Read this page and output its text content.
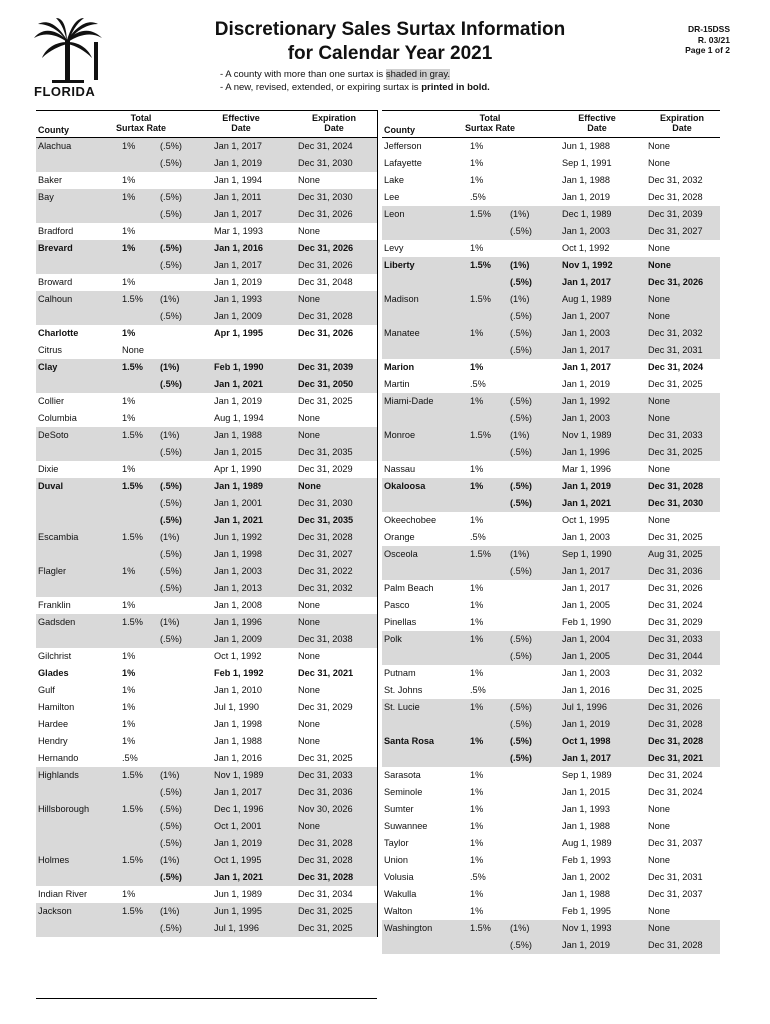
FLORIDA
Discretionary Sales Surtax Information
for Calendar Year 2021
- A county with more than one surtax is shaded in gray.
- A new, revised, extended, or expiring surtax is printed in bold.
DR-15DSS
R. 03/21
Page 1 of 2
County
Total
Surtax Rate
Effective
Date
Expiration
Date
Alachua	1%	(.5%)	Jan 1, 2017	Dec 31, 2024
(.5%)	Jan 1, 2019	Dec 31, 2030
Baker	1%	Jan 1, 1994	None
Bay	1%	(.5%)	Jan 1, 2011	Dec 31, 2030
(.5%)	Jan 1, 2017	Dec 31, 2026
Bradford	1%	Mar 1, 1993	None
Brevard	1%	(.5%)	Jan 1, 2016	Dec 31, 2026
(.5%)	Jan 1, 2017	Dec 31, 2026
Broward	1%	Jan 1, 2019	Dec 31, 2048
Calhoun	1.5% (1%)	Jan 1, 1993	None
(.5%)	Jan 1, 2009	Dec 31, 2028
Charlotte	1%	Apr 1, 1995	Dec 31, 2026
Citrus	None
Clay	1.5% (1%)	Feb 1, 1990	Dec 31, 2039
(.5%)	Jan 1, 2021	Dec 31, 2050
Collier	1%	Jan 1, 2019	Dec 31, 2025
Columbia	1%	Aug 1, 1994	None
DeSoto	1.5% (1%)	Jan 1, 1988	None
(.5%)	Jan 1, 2015	Dec 31, 2035
Dixie	1%	Apr 1, 1990	Dec 31, 2029
Duval	1.5% (.5%)	Jan 1, 1989	None
(.5%)	Jan 1, 2001	Dec 31, 2030
(.5%)	Jan 1, 2021	Dec 31, 2035
Escambia	1.5% (1%)	Jun 1, 1992	Dec 31, 2028
(.5%)	Jan 1, 1998	Dec 31, 2027
Flagler	1%	(.5%)	Jan 1, 2003	Dec 31, 2022
(.5%)	Jan 1, 2013	Dec 31, 2032
Franklin	1%	Jan 1, 2008	None
Gadsden	1.5% (1%)	Jan 1, 1996	None
(.5%)	Jan 1, 2009	Dec 31, 2038
Gilchrist	1%	Oct 1, 1992	None
Glades	1%	Feb 1, 1992	Dec 31, 2021
Gulf	1%	Jan 1, 2010	None
Hamilton	1%	Jul 1, 1990	Dec 31, 2029
Hardee	1%	Jan 1, 1998	None
Hendry	1%	Jan 1, 1988	None
Hernando	.5%	Jan 1, 2016	Dec 31, 2025
Highlands	1.5% (1%)	Nov 1, 1989	Dec 31, 2033
(.5%)	Jan 1, 2017	Dec 31, 2036
Hillsborough	1.5% (.5%)	Dec 1, 1996	Nov 30, 2026
(.5%)	Oct 1, 2001	None
(.5%)	Jan 1, 2019	Dec 31, 2028
Holmes	1.5% (1%)	Oct 1, 1995	Dec 31, 2028
(.5%)	Jan 1, 2021	Dec 31, 2028
Indian River	1%	Jun 1, 1989	Dec 31, 2034
Jackson	1.5% (1%)	Jun 1, 1995	Dec 31, 2025
(.5%)	Jul 1, 1996	Dec 31, 2025
County
Total
Surtax Rate
Effective
Date
Expiration
Date
Jefferson	1%	Jun 1, 1988	None
Lafayette	1%	Sep 1, 1991	None
Lake	1%	Jan 1, 1988	Dec 31, 2032
Lee	.5%	Jan 1, 2019	Dec 31, 2028
Leon	1.5% (1%)	Dec 1, 1989	Dec 31, 2039
(.5%)	Jan 1, 2003	Dec 31, 2027
Levy	1%	Oct 1, 1992	None
Liberty	1.5% (1%)	Nov 1, 1992	None
(.5%)	Jan 1, 2017	Dec 31, 2026
Madison	1.5% (1%)	Aug 1, 1989	None
(.5%)	Jan 1, 2007	None
Manatee	1%	(.5%)	Jan 1, 2003	Dec 31, 2032
(.5%)	Jan 1, 2017	Dec 31, 2031
Marion	1%	Jan 1, 2017	Dec 31, 2024
Martin	.5%	Jan 1, 2019	Dec 31, 2025
Miami-Dade	1%	(.5%)	Jan 1, 1992	None
(.5%)	Jan 1, 2003	None
Monroe	1.5% (1%)	Nov 1, 1989	Dec 31, 2033
(.5%)	Jan 1, 1996	Dec 31, 2025
Nassau	1%	Mar 1, 1996	None
Okaloosa	1%	(.5%)	Jan 1, 2019	Dec 31, 2028
(.5%)	Jan 1, 2021	Dec 31, 2030
Okeechobee	1%	Oct 1, 1995	None
Orange	.5%	Jan 1, 2003	Dec 31, 2025
Osceola	1.5% (1%)	Sep 1, 1990	Aug 31, 2025
(.5%)	Jan 1, 2017	Dec 31, 2036
Palm Beach	1%	Jan 1, 2017	Dec 31, 2026
Pasco	1%	Jan 1, 2005	Dec 31, 2024
Pinellas	1%	Feb 1, 1990	Dec 31, 2029
Polk	1%	(.5%)	Jan 1, 2004	Dec 31, 2033
(.5%)	Jan 1, 2005	Dec 31, 2044
Putnam	1%	Jan 1, 2003	Dec 31, 2032
St. Johns	.5%	Jan 1, 2016	Dec 31, 2025
St. Lucie	1%	(.5%)	Jul 1, 1996	Dec 31, 2026
(.5%)	Jan 1, 2019	Dec 31, 2028
Santa Rosa	1%	(.5%)	Oct 1, 1998	Dec 31, 2028
(.5%)	Jan 1, 2017	Dec 31, 2021
Sarasota	1%	Sep 1, 1989	Dec 31, 2024
Seminole	1%	Jan 1, 2015	Dec 31, 2024
Sumter	1%	Jan 1, 1993	None
Suwannee	1%	Jan 1, 1988	None
Taylor	1%	Aug 1, 1989	Dec 31, 2037
Union	1%	Feb 1, 1993	None
Volusia	.5%	Jan 1, 2002	Dec 31, 2031
Wakulla	1%	Jan 1, 1988	Dec 31, 2037
Walton	1%	Feb 1, 1995	None
Washington	1.5% (1%)	Nov 1, 1993	None
(.5%)	Jan 1, 2019	Dec 31, 2028
